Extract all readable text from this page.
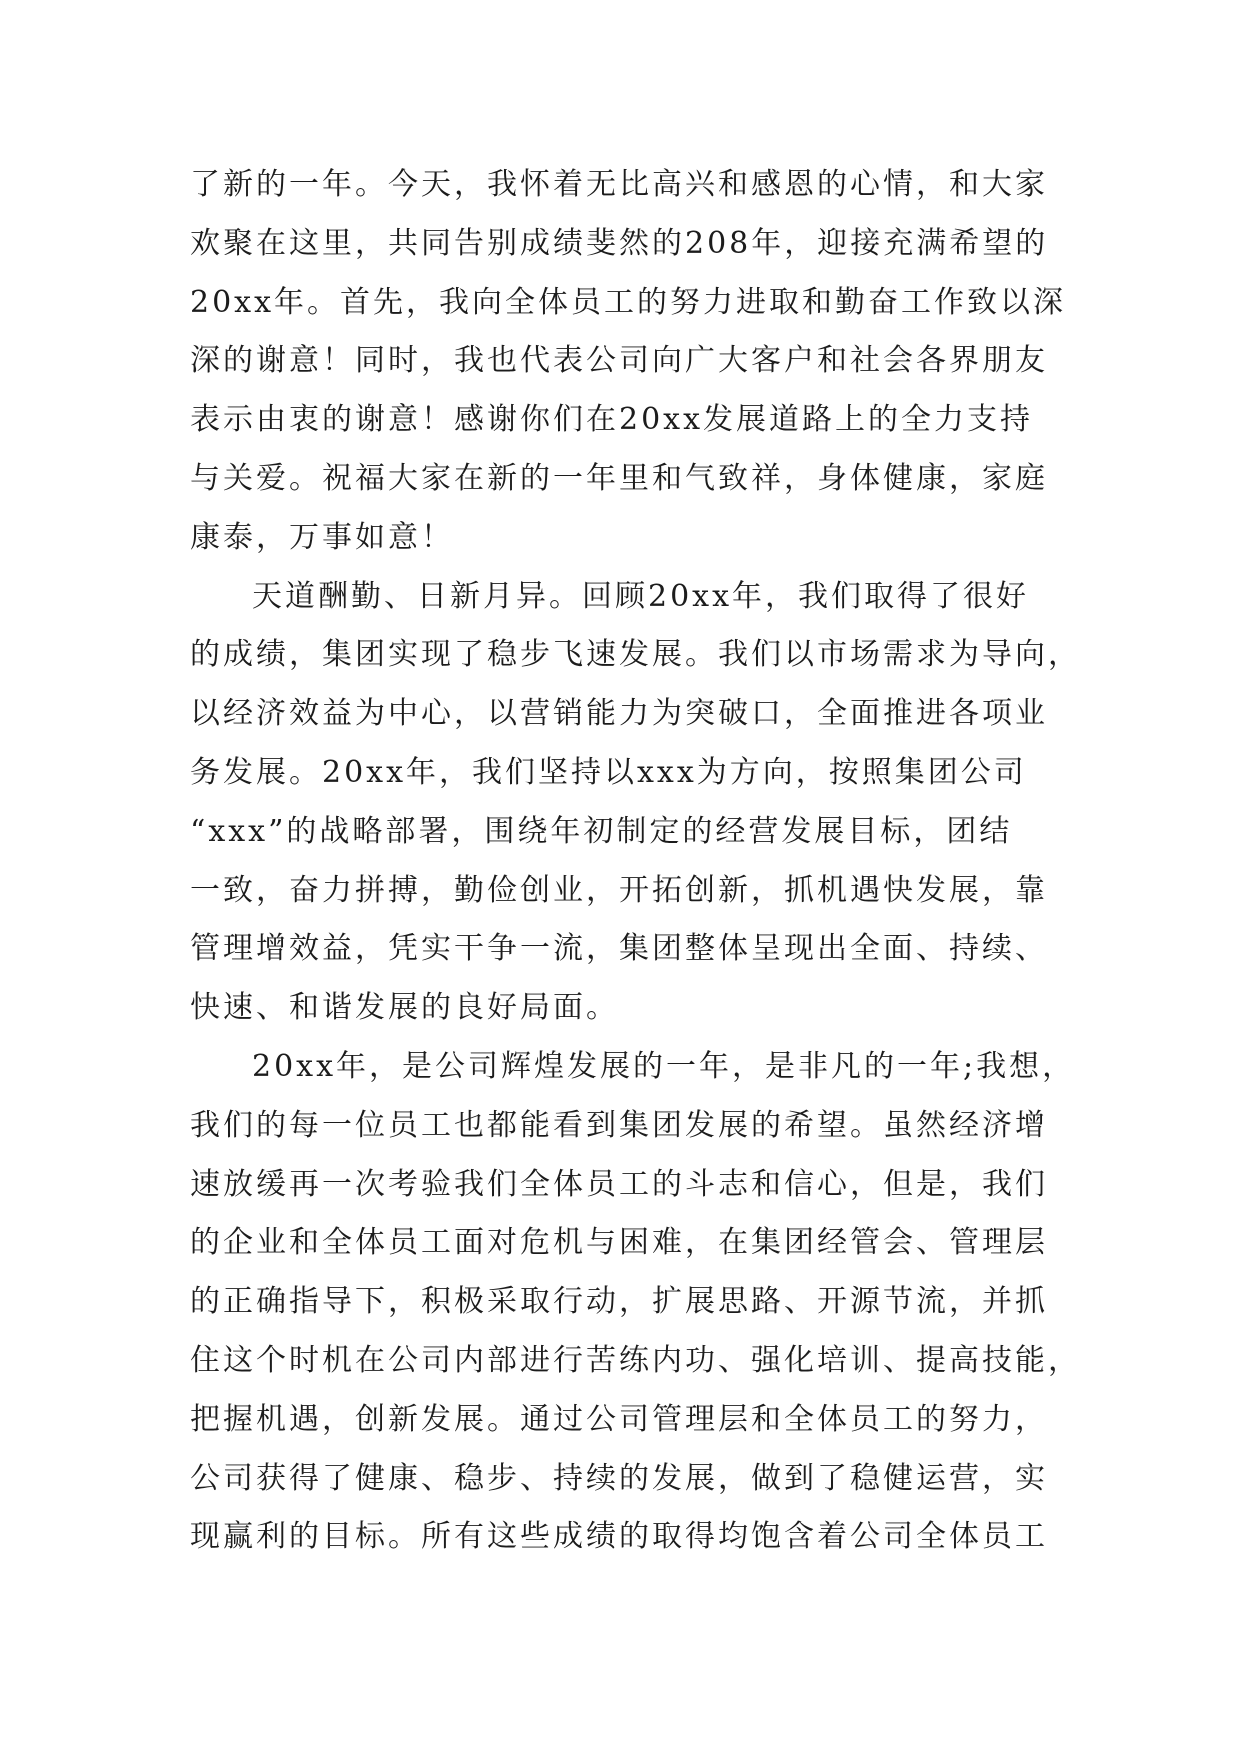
了新的一年。今天，我怀着无比高兴和感恩的心情，和大家
欢聚在这里，共同告别成绩斐然的208年，迎接充满希望的
20xx年。首先，我向全体员工的努力进取和勤奋工作致以深
深的谢意！同时，我也代表公司向广大客户和社会各界朋友
表示由衷的谢意！感谢你们在20xx发展道路上的全力支持
与关爱。祝福大家在新的一年里和气致祥，身体健康，家庭
康泰，万事如意！
天道酬勤、日新月异。回顾20xx年，我们取得了很好
的成绩，集团实现了稳步飞速发展。我们以市场需求为导向，
以经济效益为中心，以营销能力为突破口，全面推进各项业
务发展。20xx年，我们坚持以xxx为方向，按照集团公司
“xxx”的战略部署，围绕年初制定的经营发展目标，团结
一致，奋力拼搏，勤俭创业，开拓创新，抓机遇快发展，靠
管理增效益，凭实干争一流，集团整体呈现出全面、持续、
快速、和谐发展的良好局面。
20xx年，是公司辉煌发展的一年，是非凡的一年;我想，
我们的每一位员工也都能看到集团发展的希望。虽然经济增
速放缓再一次考验我们全体员工的斗志和信心，但是，我们
的企业和全体员工面对危机与困难，在集团经管会、管理层
的正确指导下，积极采取行动，扩展思路、开源节流，并抓
住这个时机在公司内部进行苦练内功、强化培训、提高技能，
把握机遇，创新发展。通过公司管理层和全体员工的努力，
公司获得了健康、稳步、持续的发展，做到了稳健运营，实
现赢利的目标。所有这些成绩的取得均饱含着公司全体员工
